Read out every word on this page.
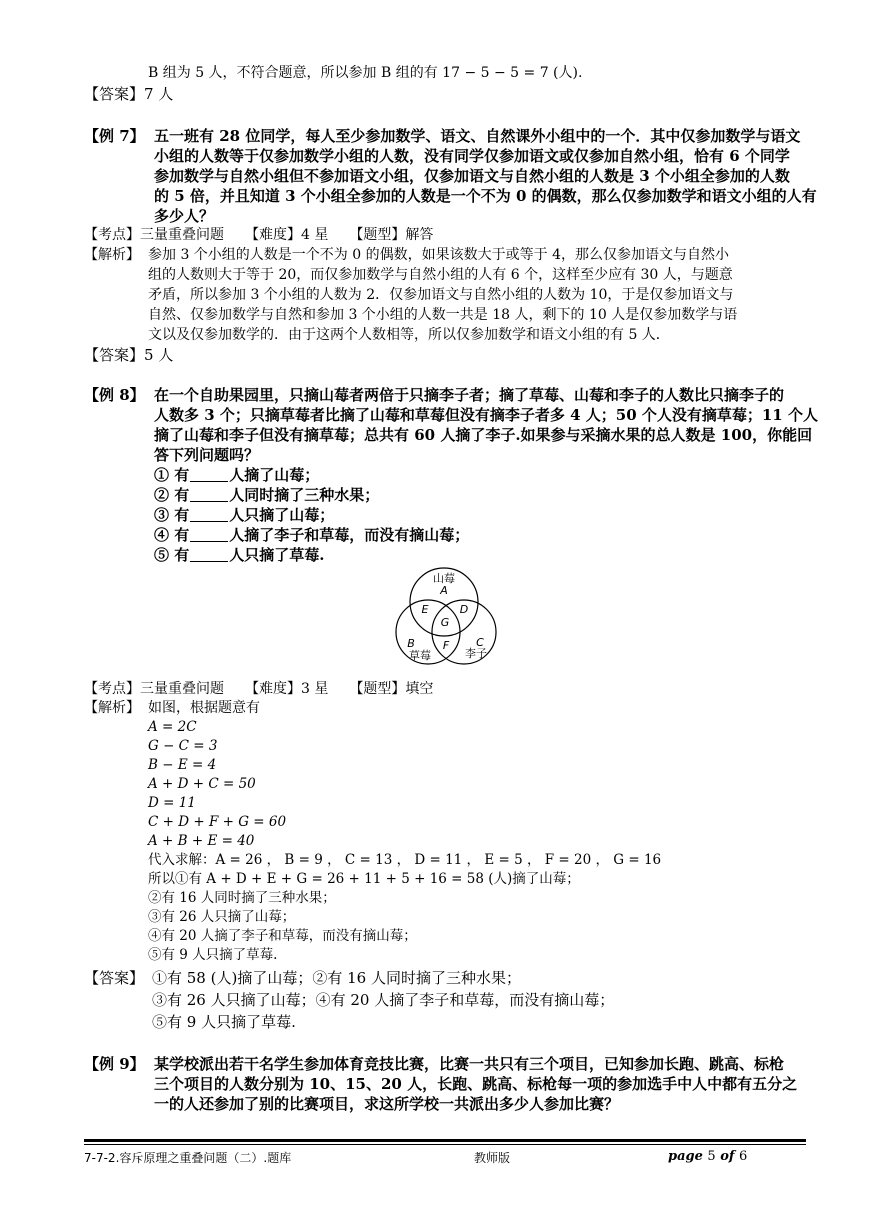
B 组为 5 人，不符合题意，所以参加 B 组的有 17 − 5 − 5 = 7 (人).
【答案】7 人
【例 7】 五一班有 28 位同学，每人至少参加数学、语文、自然课外小组中的一个．其中仅参加数学与语文
小组的人数等于仅参加数学小组的人数，没有同学仅参加语文或仅参加自然小组，恰有 6 个同学
参加数学与自然小组但不参加语文小组，仅参加语文与自然小组的人数是 3 个小组全参加的人数
的 5 倍，并且知道 3 个小组全参加的人数是一个不为 0 的偶数，那么仅参加数学和语文小组的人有
多少人？
【考点】三量重叠问题　　【难度】4 星　　【题型】解答
【解析】 参加 3 个小组的人数是一个不为 0 的偶数，如果该数大于或等于 4，那么仅参加语文与自然小
组的人数则大于等于 20，而仅参加数学与自然小组的人有 6 个，这样至少应有 30 人，与题意
矛盾，所以参加 3 个小组的人数为 2．仅参加语文与自然小组的人数为 10，于是仅参加语文与
自然、仅参加数学与自然和参加 3 个小组的人数一共是 18 人，剩下的 10 人是仅参加数学与语
文以及仅参加数学的．由于这两个人数相等，所以仅参加数学和语文小组的有 5 人．
【答案】5 人
【例 8】 在一个自助果园里，只摘山莓者两倍于只摘李子者；摘了草莓、山莓和李子的人数比只摘李子的
人数多 3 个；只摘草莓者比摘了山莓和草莓但没有摘李子者多 4 人；50 个人没有摘草莓；11 个人
摘了山莓和李子但没有摘草莓；总共有 60 人摘了李子.如果参与采摘水果的总人数是 100，你能回
答下列问题吗？
① 有	人摘了山莓；
② 有	人同时摘了三种水果；
③ 有	人只摘了山莓；
④ 有	人摘了李子和草莓，而没有摘山莓；
⑤ 有	人只摘了草莓.
山莓
A
E	D
G
B	C
F
草莓	李子
【考点】三量重叠问题　　【难度】3 星　　【题型】填空
【解析】 如图，根据题意有
A = 2C
G − C = 3
B − E = 4
A + D + C = 50
D = 11
C + D + F + G = 60
A + B + E = 40
代入求解：A = 26 ， B = 9 ， C = 13 ， D = 11 ， E = 5 ， F = 20 ， G = 16
所以①有 A + D + E + G = 26 + 11 + 5 + 16 = 58 (人)摘了山莓；
②有 16 人同时摘了三种水果；
③有 26 人只摘了山莓；
④有 20 人摘了李子和草莓，而没有摘山莓；
⑤有 9 人只摘了草莓.
【答案】 ①有 58 (人)摘了山莓；②有 16 人同时摘了三种水果；
③有 26 人只摘了山莓；④有 20 人摘了李子和草莓，而没有摘山莓；
⑤有 9 人只摘了草莓.
【例 9】 某学校派出若干名学生参加体育竞技比赛，比赛一共只有三个项目，已知参加长跑、跳高、标枪
三个项目的人数分别为 10、15、20 人，长跑、跳高、标枪每一项的参加选手中人中都有五分之
一的人还参加了别的比赛项目，求这所学校一共派出多少人参加比赛？
7-7-2.容斥原理之重叠问题（二）.题库	教师版	page 5 of 6
